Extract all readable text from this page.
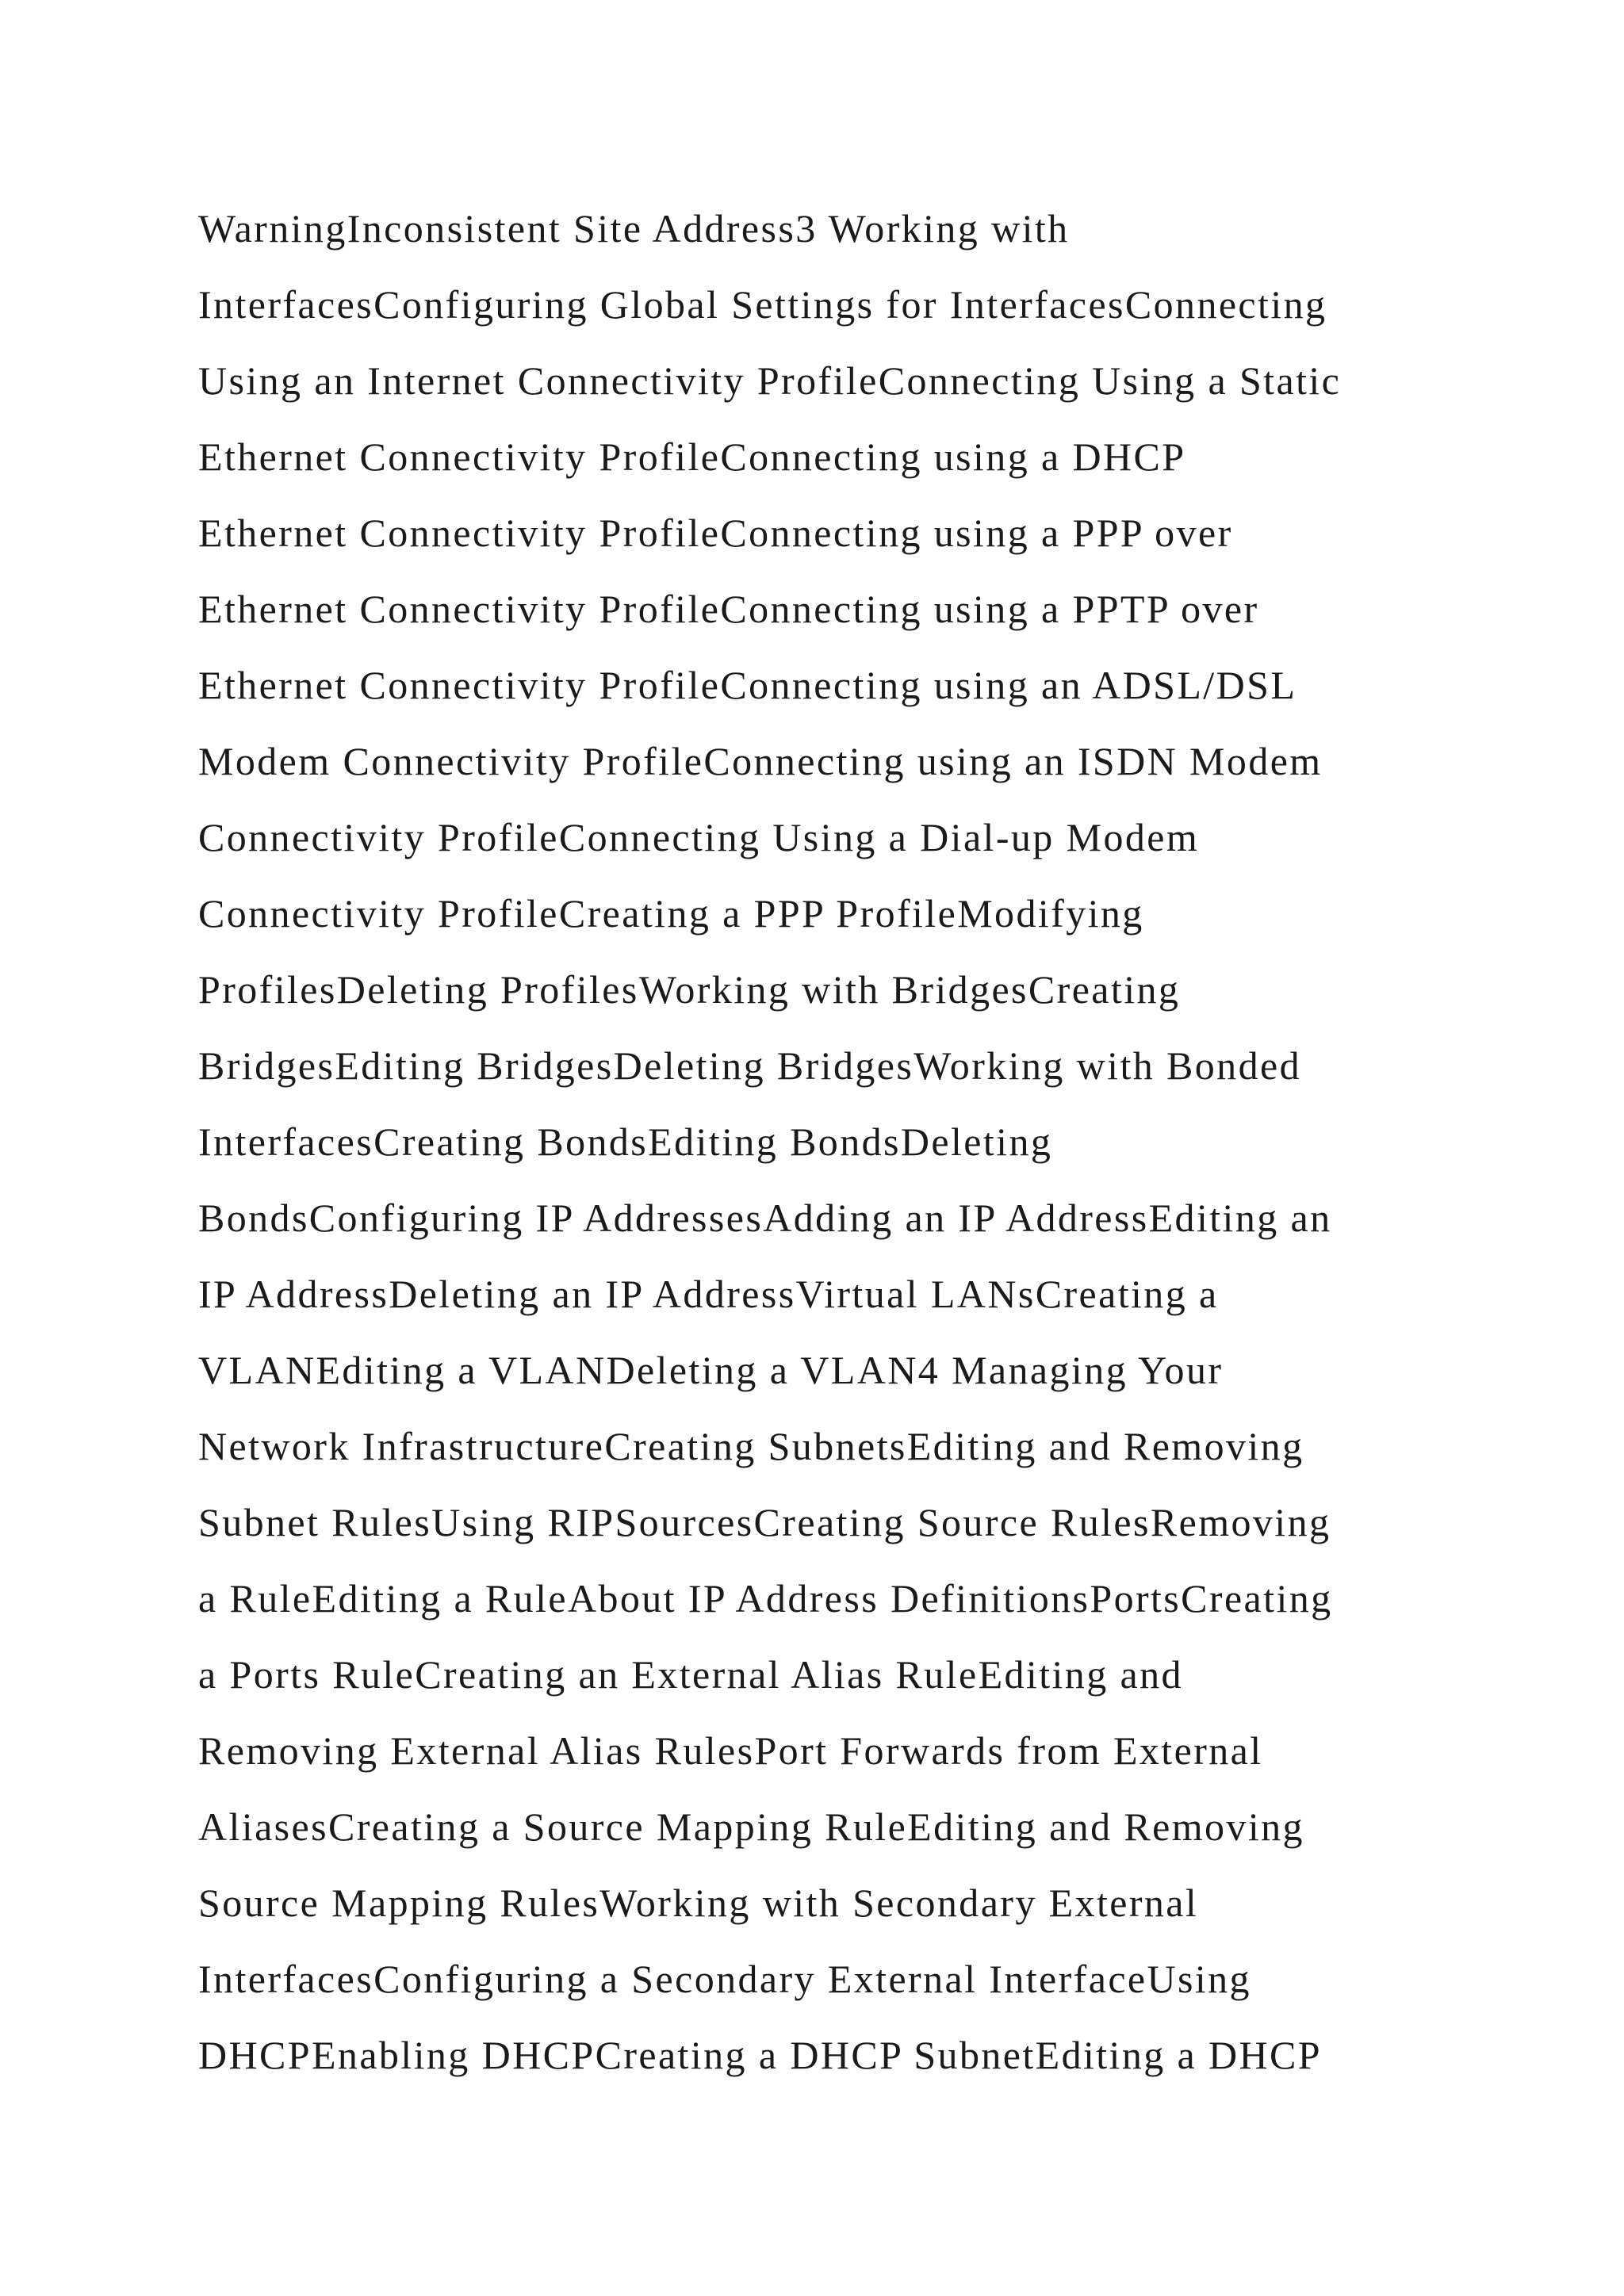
WarningInconsistent Site Address3 Working with
InterfacesConfiguring Global Settings for InterfacesConnecting
Using an Internet Connectivity ProfileConnecting Using a Static
Ethernet Connectivity ProfileConnecting using a DHCP
Ethernet Connectivity ProfileConnecting using a PPP over
Ethernet Connectivity ProfileConnecting using a PPTP over
Ethernet Connectivity ProfileConnecting using an ADSL/DSL
Modem Connectivity ProfileConnecting using an ISDN Modem
Connectivity ProfileConnecting Using a Dial-up Modem
Connectivity ProfileCreating a PPP ProfileModifying
ProfilesDeleting ProfilesWorking with BridgesCreating
BridgesEditing BridgesDeleting BridgesWorking with Bonded
InterfacesCreating BondsEditing BondsDeleting
BondsConfiguring IP AddressesAdding an IP AddressEditing an
IP AddressDeleting an IP AddressVirtual LANsCreating a
VLANEditing a VLANDeleting a VLAN4 Managing Your
Network InfrastructureCreating SubnetsEditing and Removing
Subnet RulesUsing RIPSourcesCreating Source RulesRemoving
a RuleEditing a RuleAbout IP Address DefinitionsPortsCreating
a Ports RuleCreating an External Alias RuleEditing and
Removing External Alias RulesPort Forwards from External
AliasesCreating a Source Mapping RuleEditing and Removing
Source Mapping RulesWorking with Secondary External
InterfacesConfiguring a Secondary External InterfaceUsing
DHCPEnabling DHCPCreating a DHCP SubnetEditing a DHCP
